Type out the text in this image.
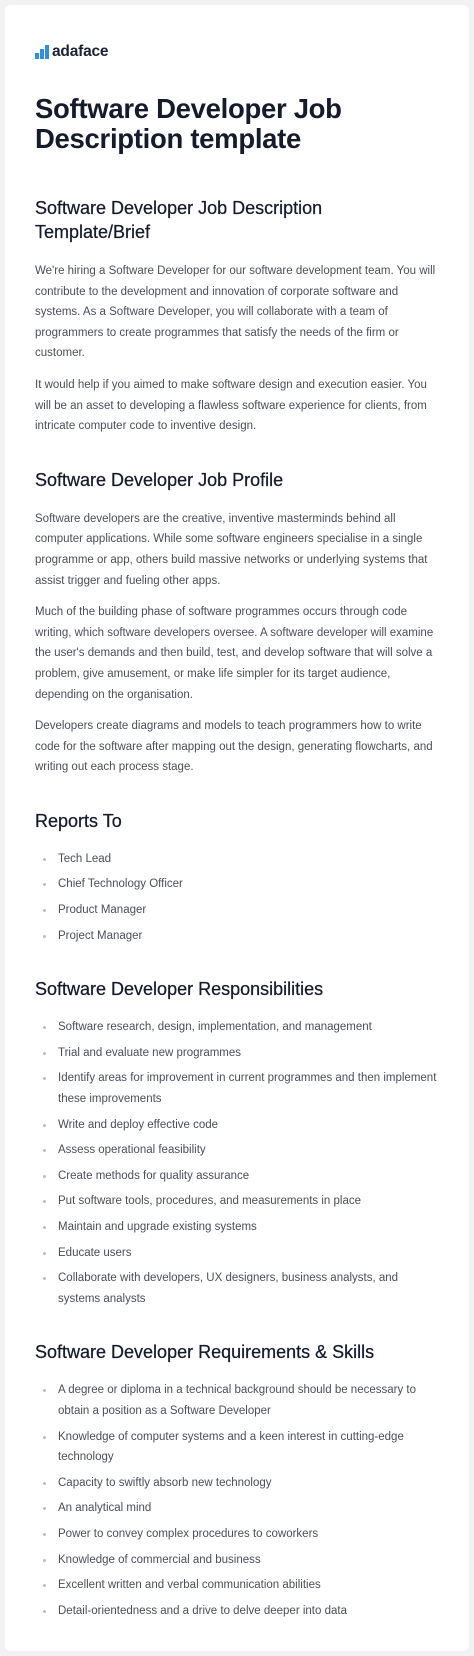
adaface
Software Developer Job Description template
Software Developer Job Description Template/Brief

We're hiring a Software Developer for our software development team. You will contribute to the development and innovation of corporate software and systems. As a Software Developer, you will collaborate with a team of programmers to create programmes that satisfy the needs of the firm or customer.

It would help if you aimed to make software design and execution easier. You will be an asset to developing a flawless software experience for clients, from intricate computer code to inventive design.

Software Developer Job Profile

Software developers are the creative, inventive masterminds behind all computer applications. While some software engineers specialise in a single programme or app, others build massive networks or underlying systems that assist trigger and fueling other apps.

Much of the building phase of software programmes occurs through code writing, which software developers oversee. A software developer will examine the user's demands and then build, test, and develop software that will solve a problem, give amusement, or make life simpler for its target audience, depending on the organisation.

Developers create diagrams and models to teach programmers how to write code for the software after mapping out the design, generating flowcharts, and writing out each process stage.

Reports To
Tech Lead
Chief Technology Officer
Product Manager
Project Manager
Software Developer Responsibilities
Software research, design, implementation, and management
Trial and evaluate new programmes
Identify areas for improvement in current programmes and then implement these improvements
Write and deploy effective code
Assess operational feasibility
Create methods for quality assurance
Put software tools, procedures, and measurements in place
Maintain and upgrade existing systems
Educate users
Collaborate with developers, UX designers, business analysts, and systems analysts
Software Developer Requirements & Skills
A degree or diploma in a technical background should be necessary to obtain a position as a Software Developer
Knowledge of computer systems and a keen interest in cutting-edge technology
Capacity to swiftly absorb new technology
An analytical mind
Power to convey complex procedures to coworkers
Knowledge of commercial and business
Excellent written and verbal communication abilities
Detail-orientedness and a drive to delve deeper into data
